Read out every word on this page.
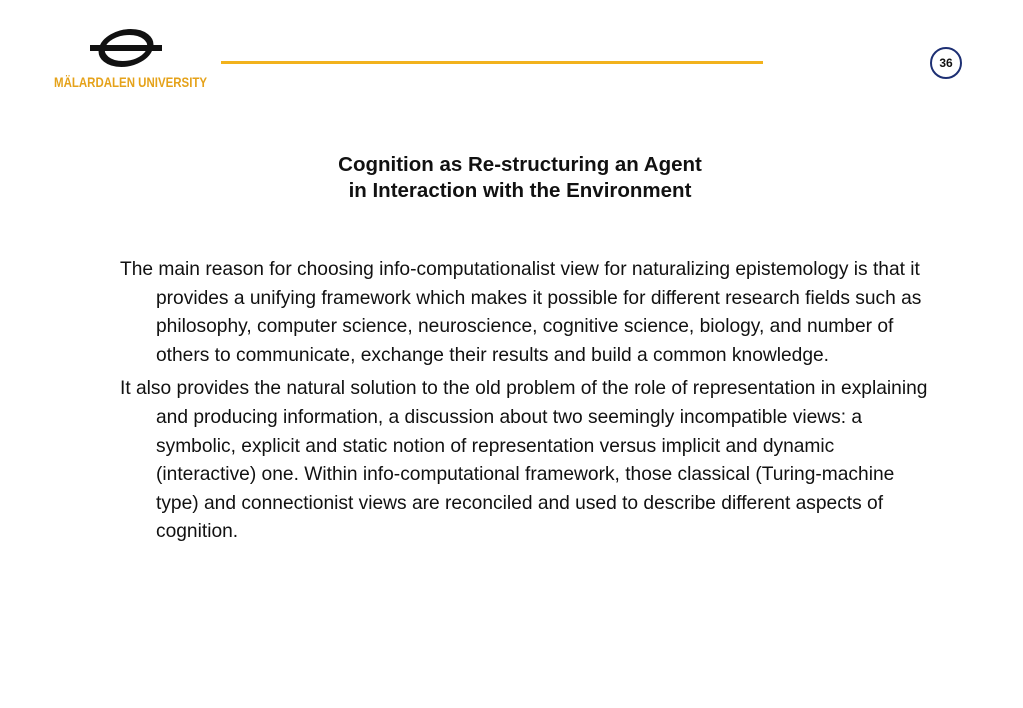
MÄLARDALEN UNIVERSITY
36
Cognition as Re-structuring an Agent
in Interaction with the Environment

The main reason for choosing info-computationalist view for naturalizing epistemology is that it provides a unifying framework which makes it possible for different research fields such as philosophy, computer science, neuroscience, cognitive science, biology, and number of others to communicate, exchange their results and build a common knowledge.

It also provides the natural solution to the old problem of the role of representation in explaining and producing information, a discussion about two seemingly incompatible views: a symbolic, explicit and static notion of representation versus implicit and dynamic (interactive) one. Within info-computational framework, those classical (Turing-machine type) and connectionist views are reconciled and used to describe different aspects of cognition.
